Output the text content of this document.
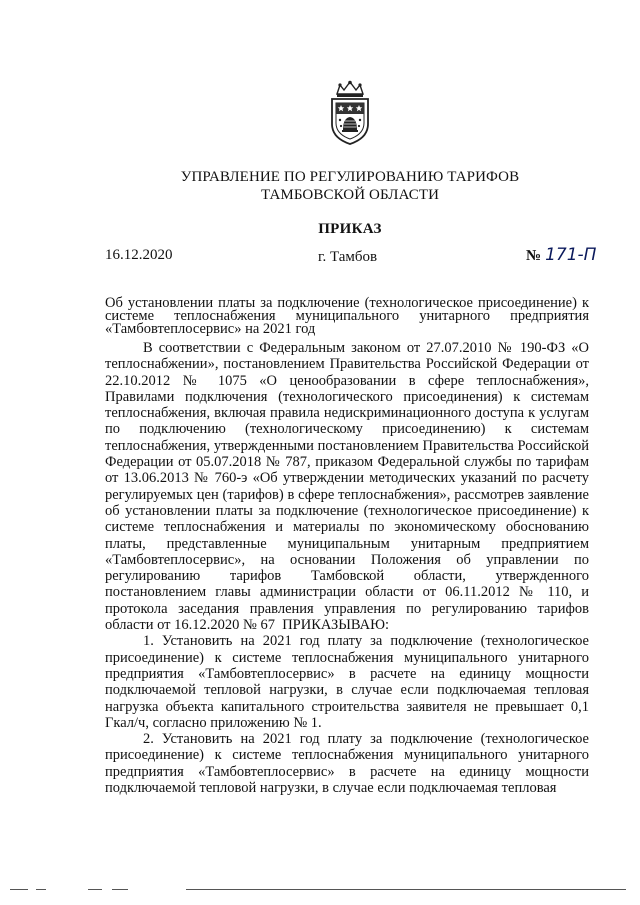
УПРАВЛЕНИЕ ПО РЕГУЛИРОВАНИЮ ТАРИФОВ
ТАМБОВСКОЙ ОБЛАСТИ
ПРИКАЗ
16.12.2020	г. Тамбов	№ 171-П
Об установлении платы за подключение (технологическое присоединение) к системе теплоснабжения муниципального унитарного предприятия «Тамбовтеплосервис» на 2021 год

В соответствии с Федеральным законом от 27.07.2010 № 190-ФЗ «О теплоснабжении», постановлением Правительства Российской Федерации от 22.10.2012 № 1075 «О ценообразовании в сфере теплоснабжения», Правилами подключения (технологического присоединения) к системам теплоснабжения, включая правила недискриминационного доступа к услугам по подключению (технологическому присоединению) к системам теплоснабжения, утвержденными постановлением Правительства Российской Федерации от 05.07.2018 № 787, приказом Федеральной службы по тарифам от 13.06.2013 № 760-э «Об утверждении методических указаний по расчету регулируемых цен (тарифов) в сфере теплоснабжения», рассмотрев заявление об установлении платы за подключение (технологическое присоединение) к системе теплоснабжения и материалы по экономическому обоснованию платы, представленные муниципальным унитарным предприятием «Тамбовтеплосервис», на основании Положения об управлении по регулированию тарифов Тамбовской области, утвержденного постановлением главы администрации области от 06.11.2012 № 110, и протокола заседания правления управления по регулированию тарифов области от 16.12.2020 № 67 ПРИКАЗЫВАЮ:

1. Установить на 2021 год плату за подключение (технологическое присоединение) к системе теплоснабжения муниципального унитарного предприятия «Тамбовтеплосервис» в расчете на единицу мощности подключаемой тепловой нагрузки, в случае если подключаемая тепловая нагрузка объекта капитального строительства заявителя не превышает 0,1 Гкал/ч, согласно приложению № 1.

2. Установить на 2021 год плату за подключение (технологическое присоединение) к системе теплоснабжения муниципального унитарного предприятия «Тамбовтеплосервис» в расчете на единицу мощности подключаемой тепловой нагрузки, в случае если подключаемая тепловая
